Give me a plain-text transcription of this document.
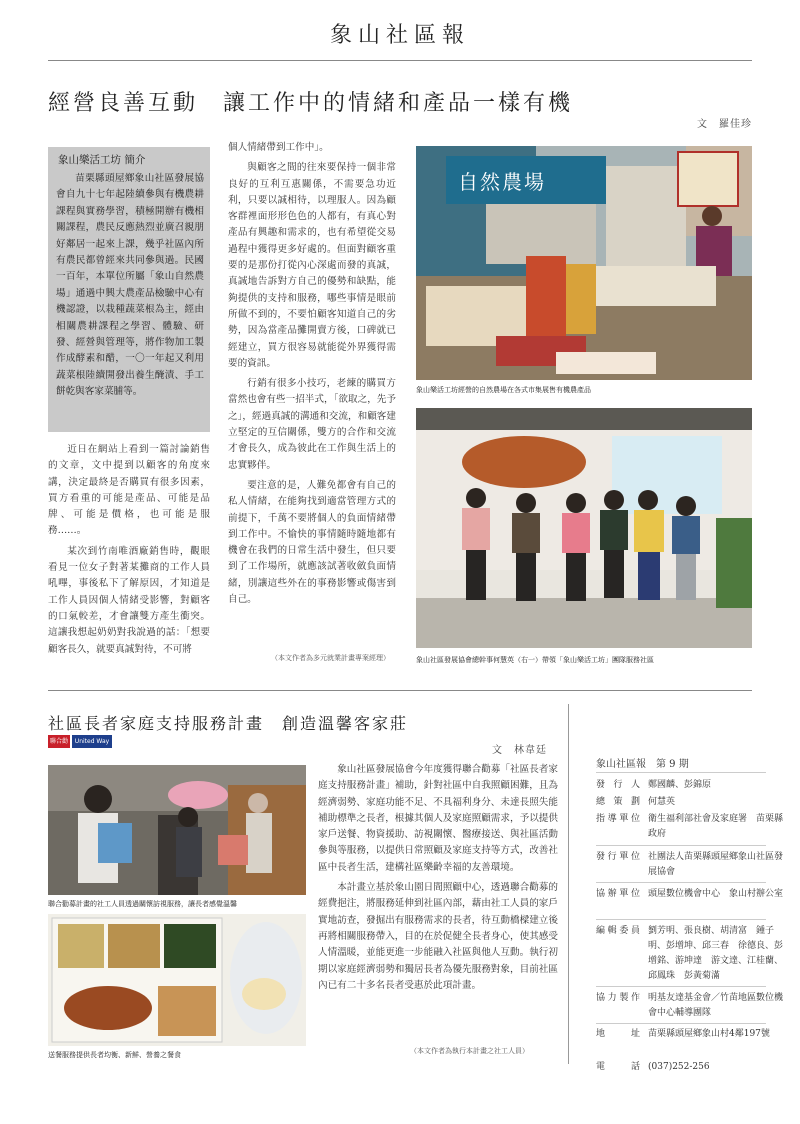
象山社區報
經營良善互動　讓工作中的情緒和產品一樣有機
文　羅佳珍
象山樂活工坊 簡介
苗栗縣頭屋鄉象山社區發展協會自九十七年起陸續參與有機農耕課程與實務學習，積極開辦有機相關課程，農民反應熱烈並廣召親朋好鄰居一起來上課，幾乎社區內所有農民都曾經來共同參與過。民國一百年，本單位所屬「象山自然農場」通過中興大農產品檢驗中心有機認證，以栽種蔬菜根為主，經由相關農耕課程之學習、體驗、研發、經營與管理等，將作物加工製作成酵素和醋，一〇一年起又利用蔬菜根陸續開發出養生醃漬、手工餅乾與客家菜脯等。

近日在網站上看到一篇討論銷售的文章，文中提到以顧客的角度來講，決定最終是否購買有很多因素，買方看重的可能是產品、可能是品牌、可能是價格，也可能是服務……。

某次到竹南唯酒廠銷售時，觀眼看見一位女子對著某攤商的工作人員吼嗶，事後私下了解原因，才知道是工作人員因個人情緒受影響，對顧客的口氣較差，才會讓雙方產生衝突。這讓我想起奶奶對我說過的話：「想要顧客長久，就要真誠對待，不可將

個人情緒帶到工作中」。

與顧客之間的往來要保持一個非常良好的互利互惠關係，不需要急功近利，只要以誠相待，以理服人。因為顧客群裡面形形色色的人都有，有真心對產品有興趣和需求的，也有希望從交易過程中獲得更多好處的。但面對顧客重要的是那份打從內心深處而發的真誠，真誠地告訴對方自己的優勢和缺點，能夠提供的支持和服務，哪些事情是眼前所做不到的，不要怕顧客知道自己的劣勢，因為當產品攤開賣方後，口碑就已經建立，買方很容易就能從外界獲得需要的資訊。

行銷有很多小技巧，老練的購買方當然也會有些一招半式，「欲取之，先予之」，經過真誠的溝通和交流，和顧客建立堅定的互信關係，雙方的合作和交流才會長久，成為彼此在工作與生活上的忠實夥伴。

要注意的是，人難免都會有自己的私人情緒，在能夠找到適當管理方式的前提下，千萬不要將個人的負面情緒帶到工作中。不愉快的事情隨時隨地都有機會在我們的日常生活中發生，但只要到了工作場所，就應該試著收斂負面情緒，別讓這些外在的事務影響或傷害到自己。

（本文作者為多元就業計畫專案經理）
自然農場
象山樂活工坊經營的自然農場在各式市集展售有機農產品
象山社區發展協會總幹事何慧英（右一）帶領「象山樂活工坊」團隊服務社區
社區長者家庭支持服務計畫　創造溫馨客家莊
聯合勸募
United Way
文　林韋廷
聯合勸募計畫的社工人員透過關懷訪視服務，讓長者感覺溫馨
送餐服務提供長者均衡、新鮮、營養之餐食

象山社區發展協會今年度獲得聯合勸募「社區長者家庭支持服務計畫」補助，針對社區中自我照顧困難，且為經濟弱勢、家庭功能不足、不具福利身分、未達長照失能補助標準之長者，根據其個人及家庭照顧需求，予以提供家戶送餐、物資援助、訪視關懷、醫療接送、與社區活動參與等服務，以提供日常照顧及家庭支持等方式，改善社區中長者生活，建構社區樂齡幸福的友善環境。

本計畫立基於象山園日間照顧中心，透過聯合勸募的經費挹注，將服務延伸到社區內部，藉由社工人員的家戶實地訪查，發掘出有服務需求的長者，待互動橋樑建立後再將相關服務帶入，目的在於促健全長者身心，使其感受人情溫暖，並能更進一步能融入社區與他人互動。執行初期以家庭經濟弱勢和獨居長者為優先服務對象，目前社區內已有二十多名長者受惠於此項計畫。

（本文作者為執行本計畫之社工人員）
象山社區報　第 9 期
發行人 鄭國麟、彭錦原
總策劃 何慧英
指導單位 衛生福利部社會及家庭署　苗栗縣政府
發行單位 社團法人苗栗縣頭屋鄉象山社區發展協會
協辦單位 頭屋數位機會中心　象山村辦公室
編輯委員 劉芳明、張良樹、胡清富　鍾子明、彭增坤、邱三春　徐德良、彭增銘、游坤達　游文達、江桂蘭、邱鳳珠　彭黃菊滿
協力製作 明基友達基金會／竹苗地區數位機會中心輔導團隊
地址 苗栗縣頭屋鄉象山村4鄰197號
電話 (037)252-256
